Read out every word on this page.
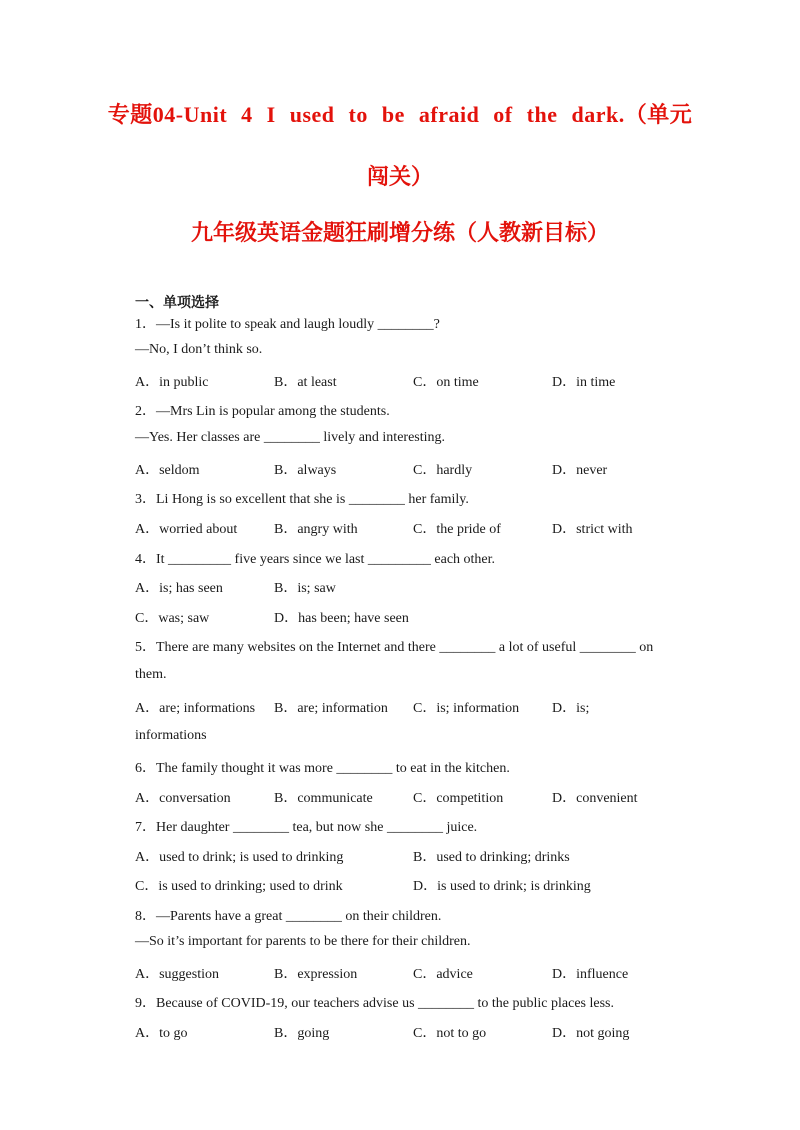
专题04-Unit 4 I used to be afraid of the dark.（单元
闯关）
九年级英语金题狂刷增分练（人教新目标）
一、单项选择
1．—Is it polite to speak and laugh loudly ________?
—No, I don’t think so.
A．in public	B．at least	C．on time	D．in time
2．—Mrs Lin is popular among the students.
—Yes. Her classes are ________ lively and interesting.
A．seldom	B．always	C．hardly	D．never
3．Li Hong is so excellent that she is ________ her family.
A．worried about	B．angry with	C．the pride of	D．strict with
4．It _________ five years since we last _________ each other.
A．is; has seen	B．is; saw
C．was; saw	D．has been; have seen
5．There are many websites on the Internet and there ________ a lot of useful ________ on
them.
A．are; informations B．are; information C．is; information D．is;
informations
6．The family thought it was more ________ to eat in the kitchen.
A．conversation	B．communicate	C．competition	D．convenient
7．Her daughter ________ tea, but now she ________ juice.
A．used to drink; is used to drinking	B．used to drinking; drinks
C．is used to drinking; used to drink	D．is used to drink; is drinking
8．—Parents have a great ________ on their children.
—So it’s important for parents to be there for their children.
A．suggestion	B．expression	C．advice	D．influence
9．Because of COVID-19, our teachers advise us ________ to the public places less.
A．to go	B．going	C．not to go	D．not going
